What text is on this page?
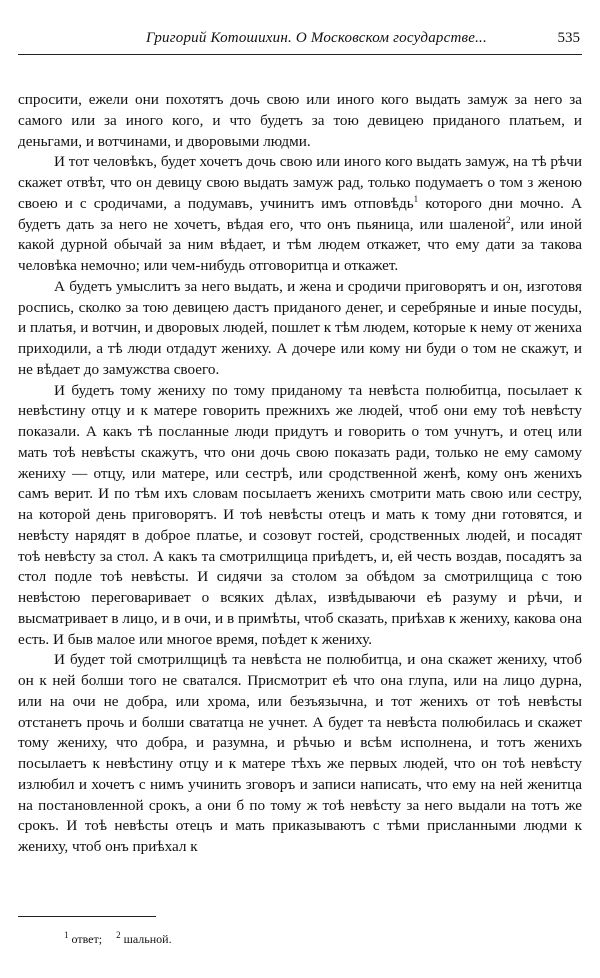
Григорий Котошихин. О Московском государстве...	535

спросити, ежели они похотятъ дочь свою или иного кого выдать замуж за него за самого или за иного кого, и что будетъ за тою девицею приданого платьем, и деньгами, и вотчинами, и дворовыми людми.

И тот человѣкъ, будет хочетъ дочь свою или иного кого выдать замуж, на тѣ рѣчи скажет отвѣт, что он девицу свою выдать замуж рад, только подумаетъ о том з женою своею и с сродичами, а подумавъ, учинитъ имъ отповѣдь$^1$ которого дни мочно. А будетъ дать за него не хочетъ, вѣдая его, что онъ пьяница, или шаленой$^2$, или иной какой дурной обычай за ним вѣдает, и тѣм людем откажет, что ему дати за такова человѣка немочно; или чем-нибудь отговоритца и откажет.

А будетъ умыслитъ за него выдать, и жена и сродичи приговорятъ и он, изготовя роспись, сколко за тою девицею дастъ приданого денег, и серебряные и иные посуды, и платья, и вотчин, и дворовых людей, пошлет к тѣм людем, которые к нему от жениха приходили, а тѣ люди отдадут жениху. А дочере или кому ни буди о том не скажут, и не вѣдает до замужства своего.

И будетъ тому жениху по тому приданому та невѣста полюбитца, посылает к невѣстину отцу и к матере говорить прежнихъ же людей, чтоб они ему тоѣ невѣсту показали. А какъ тѣ посланные люди придутъ и говорить о том учнутъ, и отец или мать тоѣ невѣсты скажутъ, что они дочь свою показать ради, только не ему самому жениху — отцу, или матере, или сестрѣ, или сродственной женѣ, кому онъ женихъ самъ верит. И по тѣм ихъ словам посылаетъ женихъ смотрити мать свою или сестру, на которой день приговорятъ. И тоѣ невѣсты отецъ и мать к тому дни готовятся, и невѣсту нарядят в доброе платье, и созовут гостей, сродственных людей, и посадят тоѣ невѣсту за стол. А какъ та смотрилщица приѣдетъ, и, ей честь воздав, посадятъ за стол подле тоѣ невѣсты. И сидячи за столом за обѣдом за смотрилщица с тою невѣстою переговаривает о всяких дѣлах, извѣдываючи еѣ разуму и рѣчи, и высматривает в лицо, и в очи, и в примѣты, чтоб сказать, приѣхав к жениху, какова она есть. И быв малое или многое время, поѣдет к жениху.

И будет той смотрилщицѣ та невѣста не полюбитца, и она скажет жениху, чтоб он к ней болши того не сватался. Присмотрит еѣ что она глупа, или на лицо дурна, или на очи не добра, или хрома, или безъязычна, и тот женихъ от тоѣ невѣсты отстанетъ прочь и болши свататца не учнет. А будет та невѣста полюбилась и скажет тому жениху, что добра, и разумна, и рѣчью и всѣм исполнена, и тотъ женихъ посылаетъ к невѣстину отцу и к матере тѣхъ же первых людей, что он тоѣ невѣсту излюбил и хочетъ с нимъ учинить зговоръ и записи написать, что ему на ней женитца на постановленной срокъ, а они б по тому ж тоѣ невѣсту за него выдали на тотъ же срокъ. И тоѣ невѣсты отецъ и мать приказываютъ с тѣми присланными людми к жениху, чтоб онъ приѣхал к

$^1$ ответ; $^2$ шальной.
